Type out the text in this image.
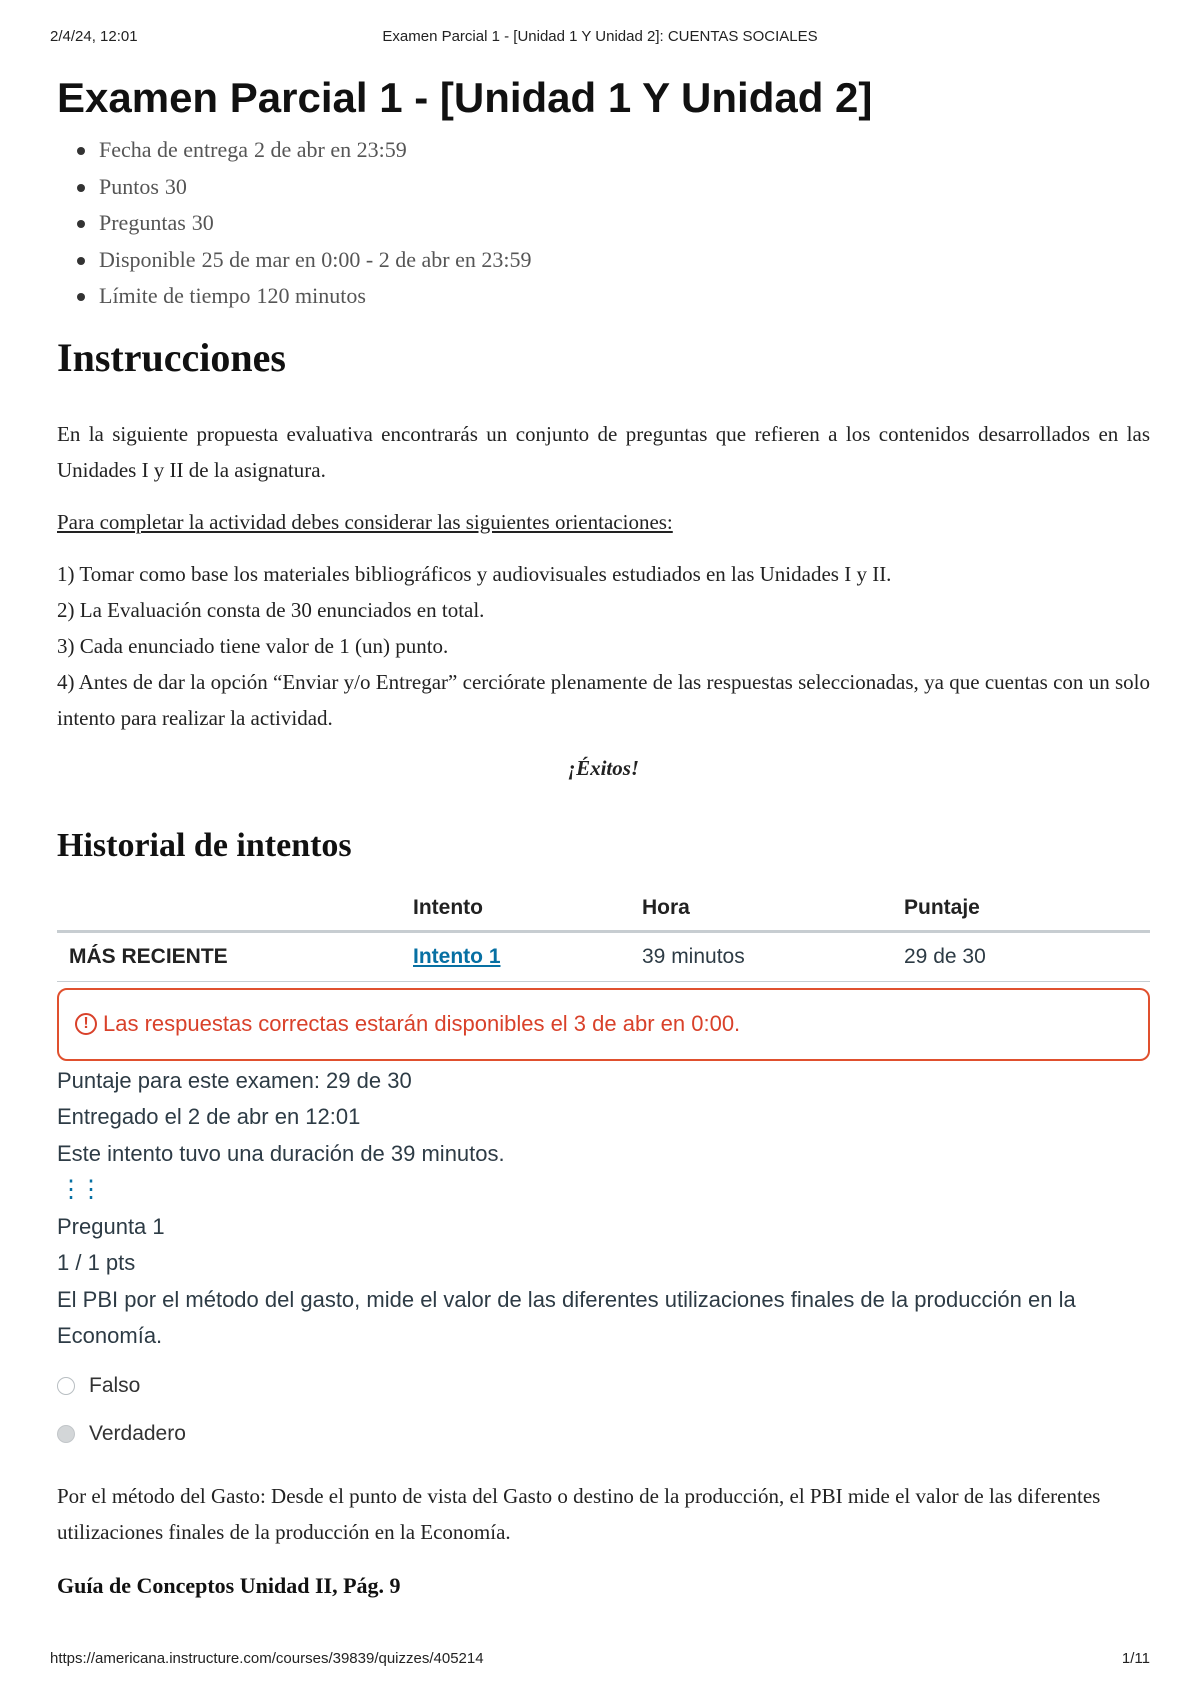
2/4/24, 12:01	Examen Parcial 1 - [Unidad 1 Y Unidad 2]: CUENTAS SOCIALES
Examen Parcial 1 - [Unidad 1 Y Unidad 2]
Fecha de entrega 2 de abr en 23:59
Puntos 30
Preguntas 30
Disponible 25 de mar en 0:00 - 2 de abr en 23:59
Límite de tiempo 120 minutos
Instrucciones

En la siguiente propuesta evaluativa encontrarás un conjunto de preguntas que refieren a los contenidos desarrollados en las Unidades I y II de la asignatura.

Para completar la actividad debes considerar las siguientes orientaciones:

1) Tomar como base los materiales bibliográficos y audiovisuales estudiados en las Unidades I y II.

2) La Evaluación consta de 30 enunciados en total.

3) Cada enunciado tiene valor de 1 (un) punto.

4) Antes de dar la opción “Enviar y/o Entregar” cerciórate plenamente de las respuestas seleccionadas, ya que cuentas con un solo intento para realizar la actividad.

¡Éxitos!

Historial de intentos
	Intento	Hora	Puntaje
MÁS RECIENTE	Intento 1	39 minutos	29 de 30
! Las respuestas correctas estarán disponibles el 3 de abr en 0:00.
Puntaje para este examen: 29 de 30
Entregado el 2 de abr en 12:01
Este intento tuvo una duración de 39 minutos.
⋮⋮
Pregunta 1
1 / 1 pts

El PBI por el método del gasto, mide el valor de las diferentes utilizaciones finales de la producción en la Economía.

Falso
Verdadero
Por el método del Gasto: Desde el punto de vista del Gasto o destino de la producción, el PBI mide el valor de las diferentes utilizaciones finales de la producción en la Economía.
Guía de Conceptos Unidad II, Pág. 9
https://americana.instructure.com/courses/39839/quizzes/405214	1/11
